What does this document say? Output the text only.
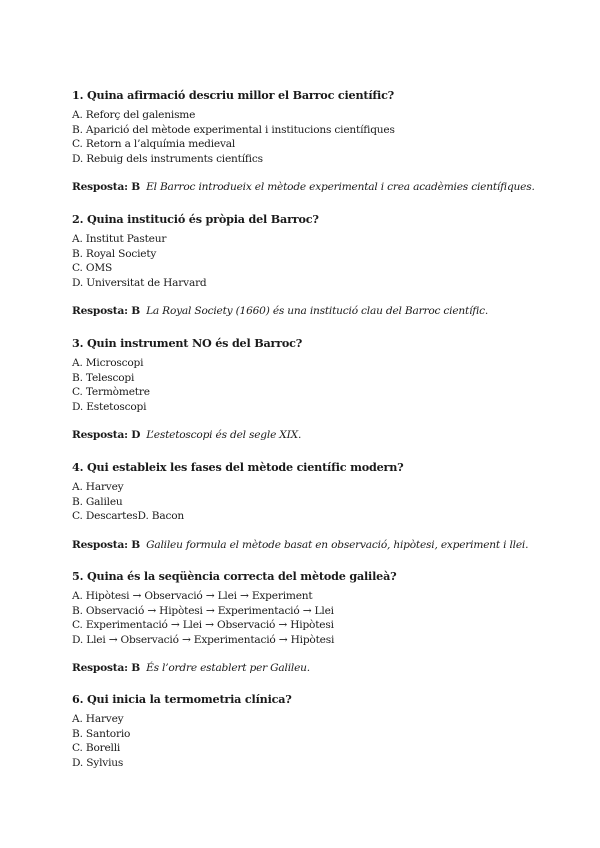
1. Quina afirmació descriu millor el Barroc científic?

A. Reforç del galenisme

B. Aparició del mètode experimental i institucions científiques

C. Retorn a l’alquímia medieval

D. Rebuig dels instruments científics

Resposta: B El Barroc introdueix el mètode experimental i crea acadèmies científiques.

2. Quina institució és pròpia del Barroc?

A. Institut Pasteur

B. Royal Society

C. OMS

D. Universitat de Harvard

Resposta: B La Royal Society (1660) és una institució clau del Barroc científic.

3. Quin instrument NO és del Barroc?

A. Microscopi

B. Telescopi

C. Termòmetre

D. Estetoscopi

Resposta: D L’estetoscopi és del segle XIX.

4. Qui estableix les fases del mètode científic modern?

A. Harvey

B. Galileu

C. DescartesD. Bacon

Resposta: B Galileu formula el mètode basat en observació, hipòtesi, experiment i llei.

5. Quina és la seqüència correcta del mètode galileà?

A. Hipòtesi → Observació → Llei → Experiment

B. Observació → Hipòtesi → Experimentació → Llei

C. Experimentació → Llei → Observació → Hipòtesi

D. Llei → Observació → Experimentació → Hipòtesi

Resposta: B És l’ordre establert per Galileu.

6. Qui inicia la termometria clínica?

A. Harvey

B. Santorio

C. Borelli

D. Sylvius
